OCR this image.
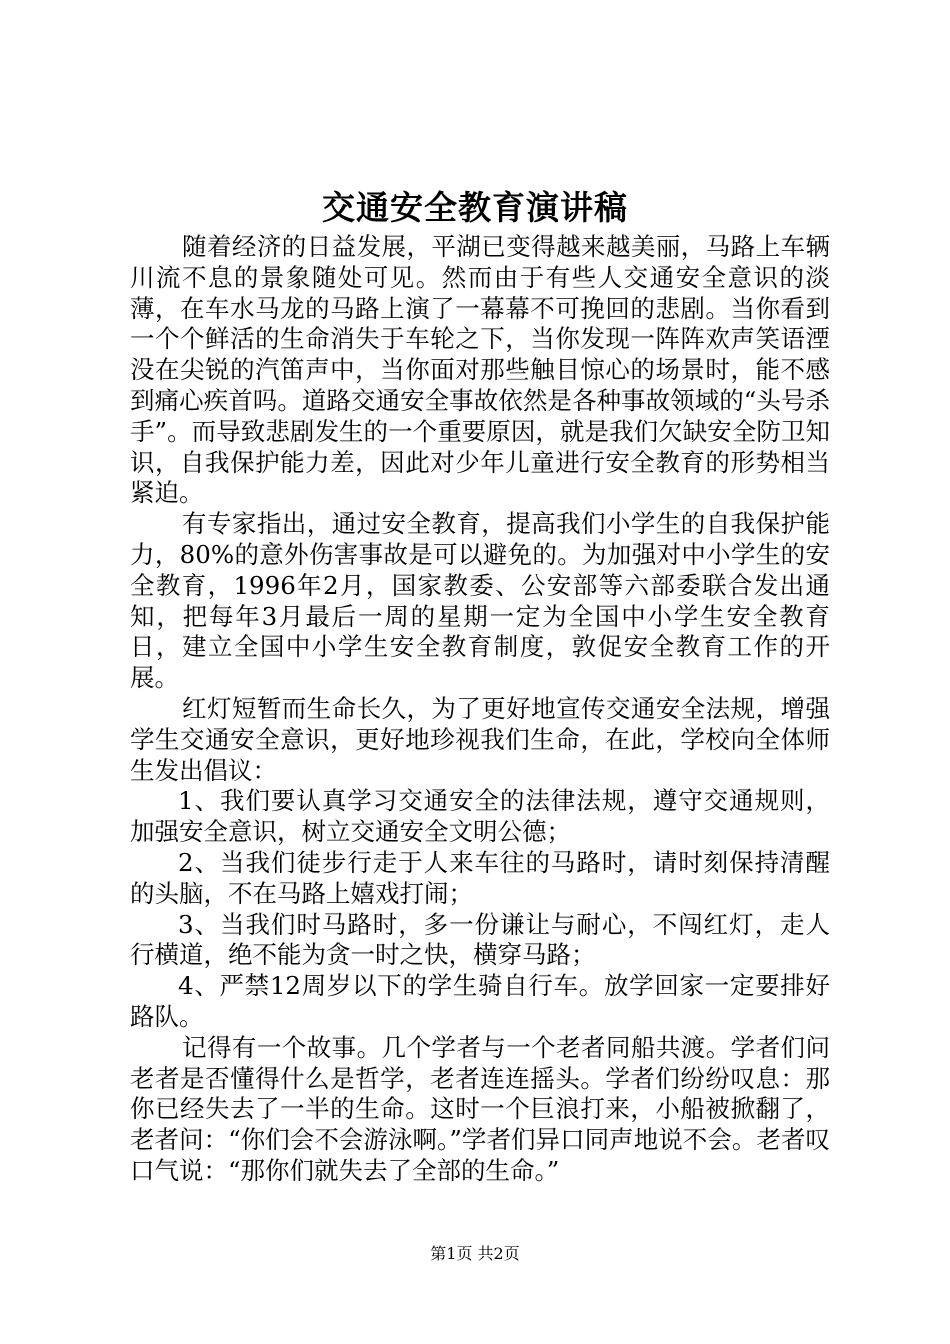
交通安全教育演讲稿

随着经济的日益发展，平湖已变得越来越美丽，马路上车辆川流不息的景象随处可见。然而由于有些人交通安全意识的淡薄，在车水马龙的马路上演了一幕幕不可挽回的悲剧。当你看到一个个鲜活的生命消失于车轮之下，当你发现一阵阵欢声笑语湮没在尖锐的汽笛声中，当你面对那些触目惊心的场景时，能不感到痛心疾首吗。道路交通安全事故依然是各种事故领域的“头号杀手”。而导致悲剧发生的一个重要原因，就是我们欠缺安全防卫知识，自我保护能力差，因此对少年儿童进行安全教育的形势相当紧迫。

有专家指出，通过安全教育，提高我们小学生的自我保护能力，80%的意外伤害事故是可以避免的。为加强对中小学生的安全教育，1996年2月，国家教委、公安部等六部委联合发出通知，把每年3月最后一周的星期一定为全国中小学生安全教育日，建立全国中小学生安全教育制度，敦促安全教育工作的开展。

红灯短暂而生命长久，为了更好地宣传交通安全法规，增强学生交通安全意识，更好地珍视我们生命，在此，学校向全体师生发出倡议：

1、我们要认真学习交通安全的法律法规，遵守交通规则，加强安全意识，树立交通安全文明公德；

2、当我们徒步行走于人来车往的马路时，请时刻保持清醒的头脑，不在马路上嬉戏打闹；

3、当我们时马路时，多一份谦让与耐心，不闯红灯，走人行横道，绝不能为贪一时之快，横穿马路；

4、严禁12周岁以下的学生骑自行车。放学回家一定要排好路队。

记得有一个故事。几个学者与一个老者同船共渡。学者们问老者是否懂得什么是哲学，老者连连摇头。学者们纷纷叹息：那你已经失去了一半的生命。这时一个巨浪打来，小船被掀翻了，老者问：“你们会不会游泳啊。”学者们异口同声地说不会。老者叹口气说：“那你们就失去了全部的生命。”

第1页 共2页
